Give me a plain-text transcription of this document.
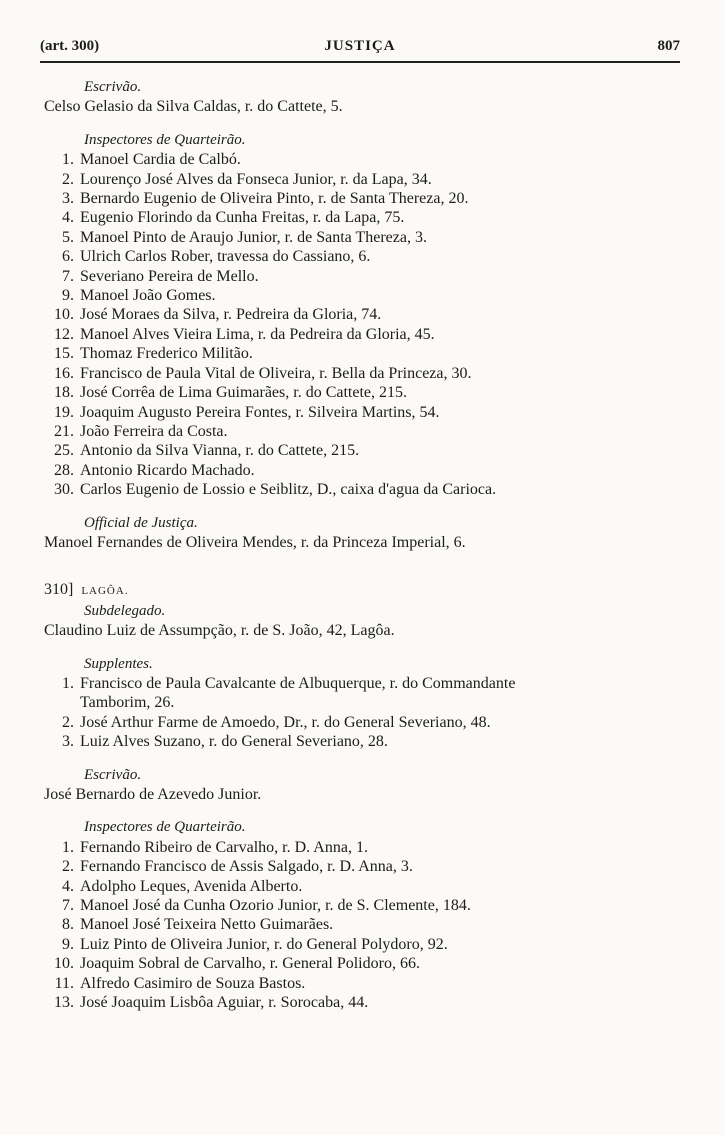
(art. 300)	JUSTIÇA	807
Escrivão.
Celso Gelasio da Silva Caldas, r. do Cattete, 5.
Inspectores de Quarteirão.
1. Manoel Cardia de Calbó.
2. Lourenço José Alves da Fonseca Junior, r. da Lapa, 34.
3. Bernardo Eugenio de Oliveira Pinto, r. de Santa Thereza, 20.
4. Eugenio Florindo da Cunha Freitas, r. da Lapa, 75.
5. Manoel Pinto de Araujo Junior, r. de Santa Thereza, 3.
6. Ulrich Carlos Rober, travessa do Cassiano, 6.
7. Severiano Pereira de Mello.
9. Manoel João Gomes.
10. José Moraes da Silva, r. Pedreira da Gloria, 74.
12. Manoel Alves Vieira Lima, r. da Pedreira da Gloria, 45.
15. Thomaz Frederico Militão.
16. Francisco de Paula Vital de Oliveira, r. Bella da Princeza, 30.
18. José Corrêa de Lima Guimarães, r. do Cattete, 215.
19. Joaquim Augusto Pereira Fontes, r. Silveira Martins, 54.
21. João Ferreira da Costa.
25. Antonio da Silva Vianna, r. do Cattete, 215.
28. Antonio Ricardo Machado.
30. Carlos Eugenio de Lossio e Seiblitz, D., caixa d'agua da Carioca.
Official de Justiça.
Manoel Fernandes de Oliveira Mendes, r. da Princeza Imperial, 6.
310] LAGÔA.
Subdelegado.
Claudino Luiz de Assumpção, r. de S. João, 42, Lagôa.
Supplentes.
1. Francisco de Paula Cavalcante de Albuquerque, r. do Commandante
Tamborim, 26.
2. José Arthur Farme de Amoedo, Dr., r. do General Severiano, 48.
3. Luiz Alves Suzano, r. do General Severiano, 28.
Escrivão.
José Bernardo de Azevedo Junior.
Inspectores de Quarteirão.
1. Fernando Ribeiro de Carvalho, r. D. Anna, 1.
2. Fernando Francisco de Assis Salgado, r. D. Anna, 3.
4. Adolpho Leques, Avenida Alberto.
7. Manoel José da Cunha Ozorio Junior, r. de S. Clemente, 184.
8. Manoel José Teixeira Netto Guimarães.
9. Luiz Pinto de Oliveira Junior, r. do General Polydoro, 92.
10. Joaquim Sobral de Carvalho, r. General Polidoro, 66.
11. Alfredo Casimiro de Souza Bastos.
13. José Joaquim Lisbôa Aguiar, r. Sorocaba, 44.
